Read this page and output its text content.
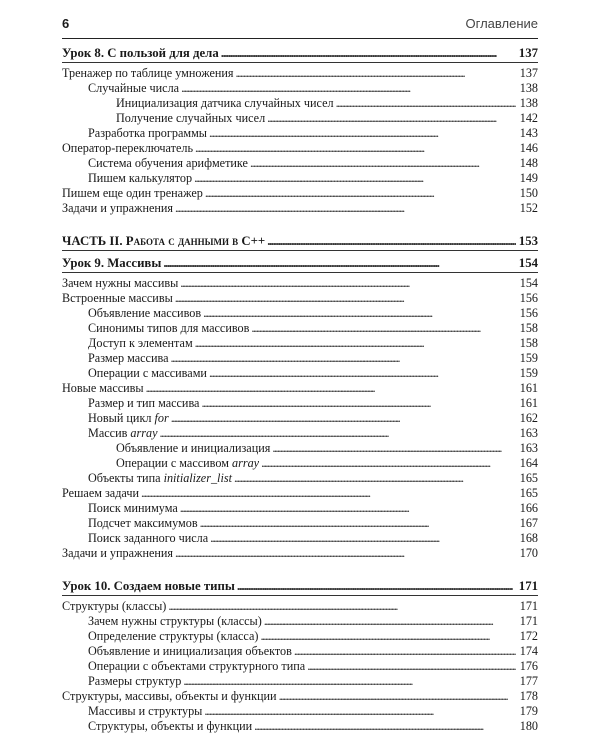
6	Оглавление
Урок 8. С пользой для дела . . .	137
Тренажер по таблице умножения . . .	137
Случайные числа . . .	138
Инициализация датчика случайных чисел . . .	138
Получение случайных чисел . . .	142
Разработка программы . . .	143
Оператор-переключатель . . .	146
Система обучения арифметике . . .	148
Пишем калькулятор . . .	149
Пишем еще один тренажер . . .	150
Задачи и упражнения . . .	152
ЧАСТЬ II. Работа с данными в C++ . . .	153
Урок 9. Массивы . . .	154
Зачем нужны массивы . . .	154
Встроенные массивы . . .	156
Объявление массивов . . .	156
Синонимы типов для массивов . . .	158
Доступ к элементам . . .	158
Размер массива . . .	159
Операции с массивами . . .	159
Новые массивы . . .	161
Размер и тип массива . . .	161
Новый цикл for . . .	162
Массив array . . .	163
Объявление и инициализация . . .	163
Операции с массивом array . . .	164
Объекты типа initializer_list . . .	165
Решаем задачи . . .	165
Поиск минимума . . .	166
Подсчет максимумов . . .	167
Поиск заданного числа . . .	168
Задачи и упражнения . . .	170
Урок 10. Создаем новые типы . . .	171
Структуры (классы) . . .	171
Зачем нужны структуры (классы) . . .	171
Определение структуры (класса) . . .	172
Объявление и инициализация объектов . . .	174
Операции с объектами структурного типа . . .	176
Размеры структур . . .	177
Структуры, массивы, объекты и функции . . .	178
Массивы и структуры . . .	179
Структуры, объекты и функции . . .	180
